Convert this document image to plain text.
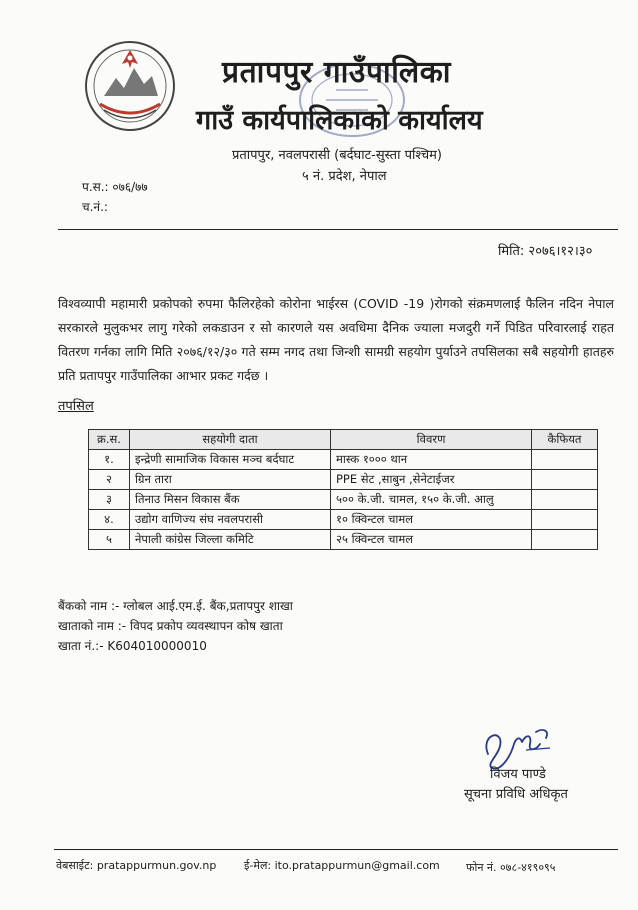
प्रतापपुर गाउँपालिका
गाउँ कार्यपालिकाको कार्यालय
प्रतापपुर, नवलपरासी (बर्दघाट-सुस्ता पश्चिम)
५ नं. प्रदेश, नेपाल
प.स.: ०७६/७७
च.नं.:
मिति: २०७६।१२।३०
विश्वव्यापी महामारी प्रकोपको रुपमा फैलिरहेको कोरोना भाईरस (COVID -19 )रोगको संक्रमणलाई फैलिन नदिन नेपाल सरकारले मुलुकभर लागु गरेको लकडाउन र सो कारणले यस अवधिमा दैनिक ज्याला मजदुरी गर्ने पिडित परिवारलाई राहत वितरण गर्नका लागि मिति २०७६/१२/३० गते सम्म नगद तथा जिन्शी सामग्री सहयोग पुर्याउने तपसिलका सबै सहयोगी हातहरु प्रति प्रतापपुर गाउँपालिका आभार प्रकट गर्दछ ।
तपसिल
क्र.स.	सहयोगी दाता	विवरण	कैफियत
१.	इन्द्रेणी सामाजिक विकास मञ्च बर्दघाट	मास्क १००० थान	
२	ग्रिन तारा	PPE सेट ,साबुन ,सेनेटाईजर	
३	तिनाउ मिसन विकास बैंक	५०० के.जी. चामल, १५० के.जी. आलु	
४.	उद्योग वाणिज्य संघ नवलपरासी	१० क्विन्टल चामल	
५	नेपाली कांग्रेस जिल्ला कमिटि	२५ क्विन्टल चामल	
बैंकको नाम :- ग्लोबल आई.एम.ई. बैंक,प्रतापपुर शाखा
खाताको नाम :- विपद प्रकोप व्यवस्थापन कोष खाता
खाता नं.:- K604010000010
विजय पाण्डे
सूचना प्रविधि अधिकृत
वेबसाईट: pratappurmun.gov.np	ई-मेल: ito.pratappurmun@gmail.com फोन नं. ०७८-४१९०९५
